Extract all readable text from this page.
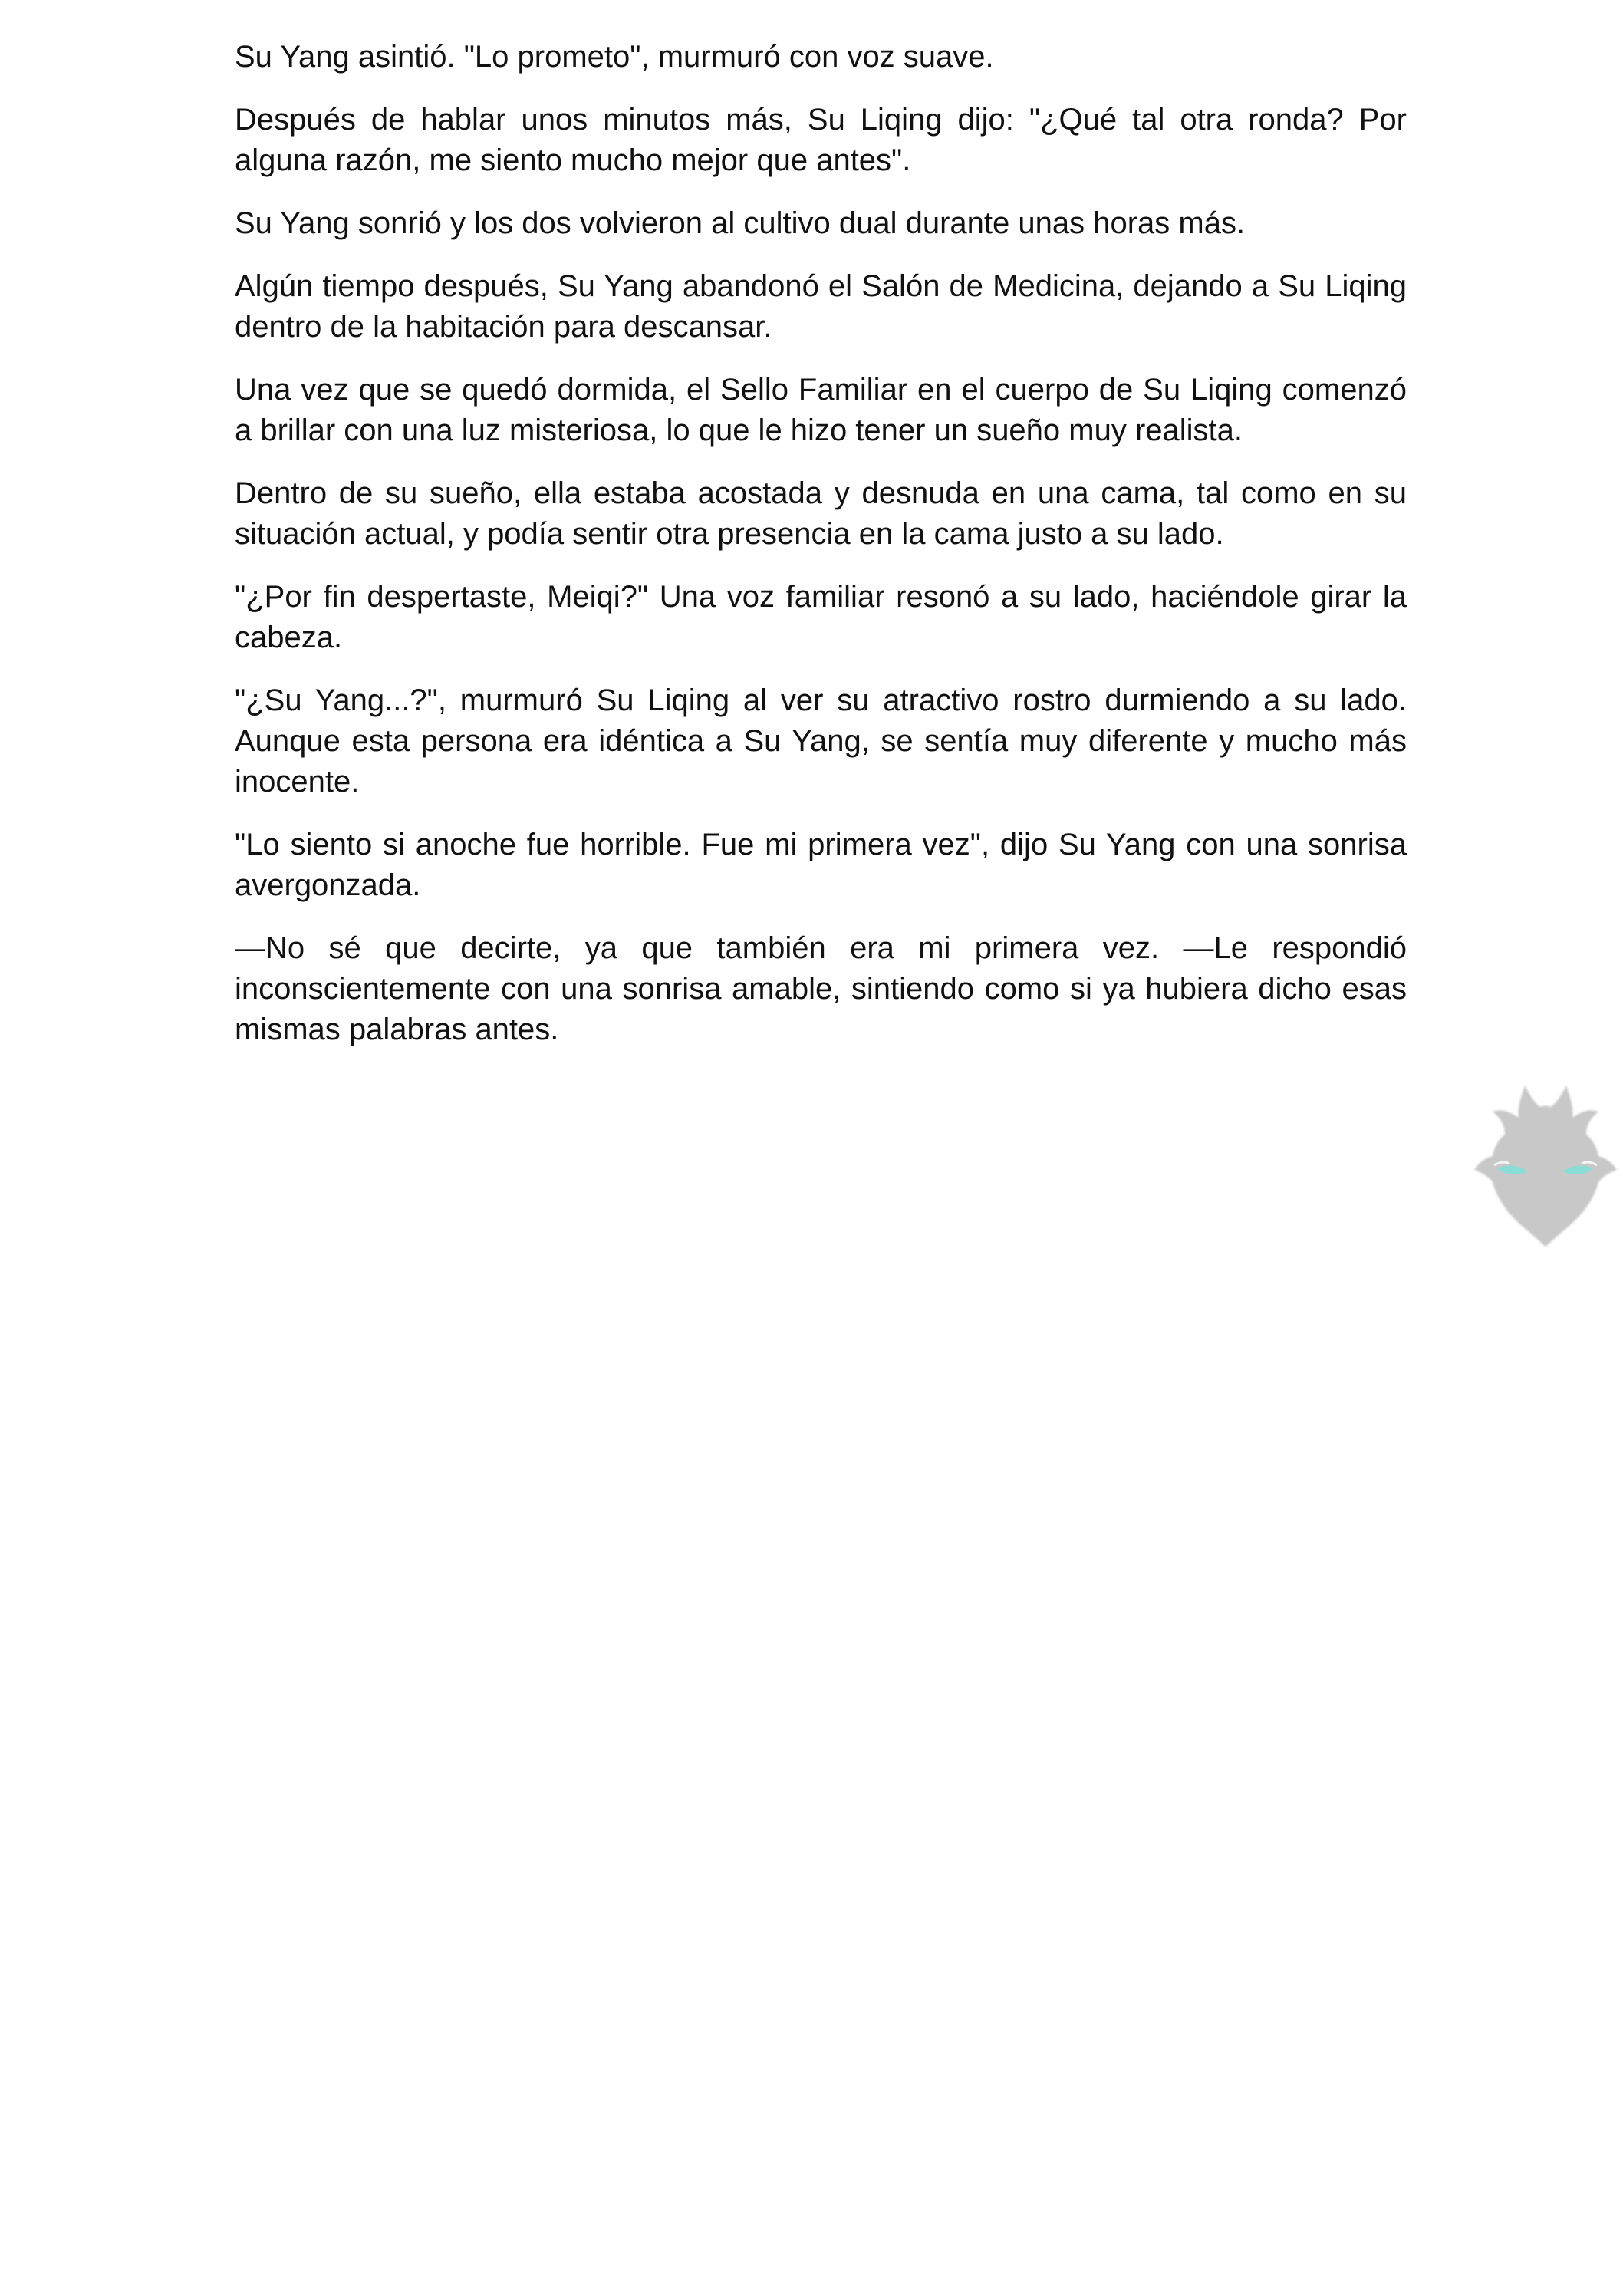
Su Yang asintió. "Lo prometo", murmuró con voz suave.

Después de hablar unos minutos más, Su Liqing dijo: "¿Qué tal otra ronda? Por alguna razón, me siento mucho mejor que antes".

Su Yang sonrió y los dos volvieron al cultivo dual durante unas horas más.

Algún tiempo después, Su Yang abandonó el Salón de Medicina, dejando a Su Liqing dentro de la habitación para descansar.

Una vez que se quedó dormida, el Sello Familiar en el cuerpo de Su Liqing comenzó a brillar con una luz misteriosa, lo que le hizo tener un sueño muy realista.

Dentro de su sueño, ella estaba acostada y desnuda en una cama, tal como en su situación actual, y podía sentir otra presencia en la cama justo a su lado.

"¿Por fin despertaste, Meiqi?" Una voz familiar resonó a su lado, haciéndole girar la cabeza.

"¿Su Yang...?", murmuró Su Liqing al ver su atractivo rostro durmiendo a su lado. Aunque esta persona era idéntica a Su Yang, se sentía muy diferente y mucho más inocente.

"Lo siento si anoche fue horrible. Fue mi primera vez", dijo Su Yang con una sonrisa avergonzada.

—No sé que decirte, ya que también era mi primera vez. —Le respondió inconscientemente con una sonrisa amable, sintiendo como si ya hubiera dicho esas mismas palabras antes.
